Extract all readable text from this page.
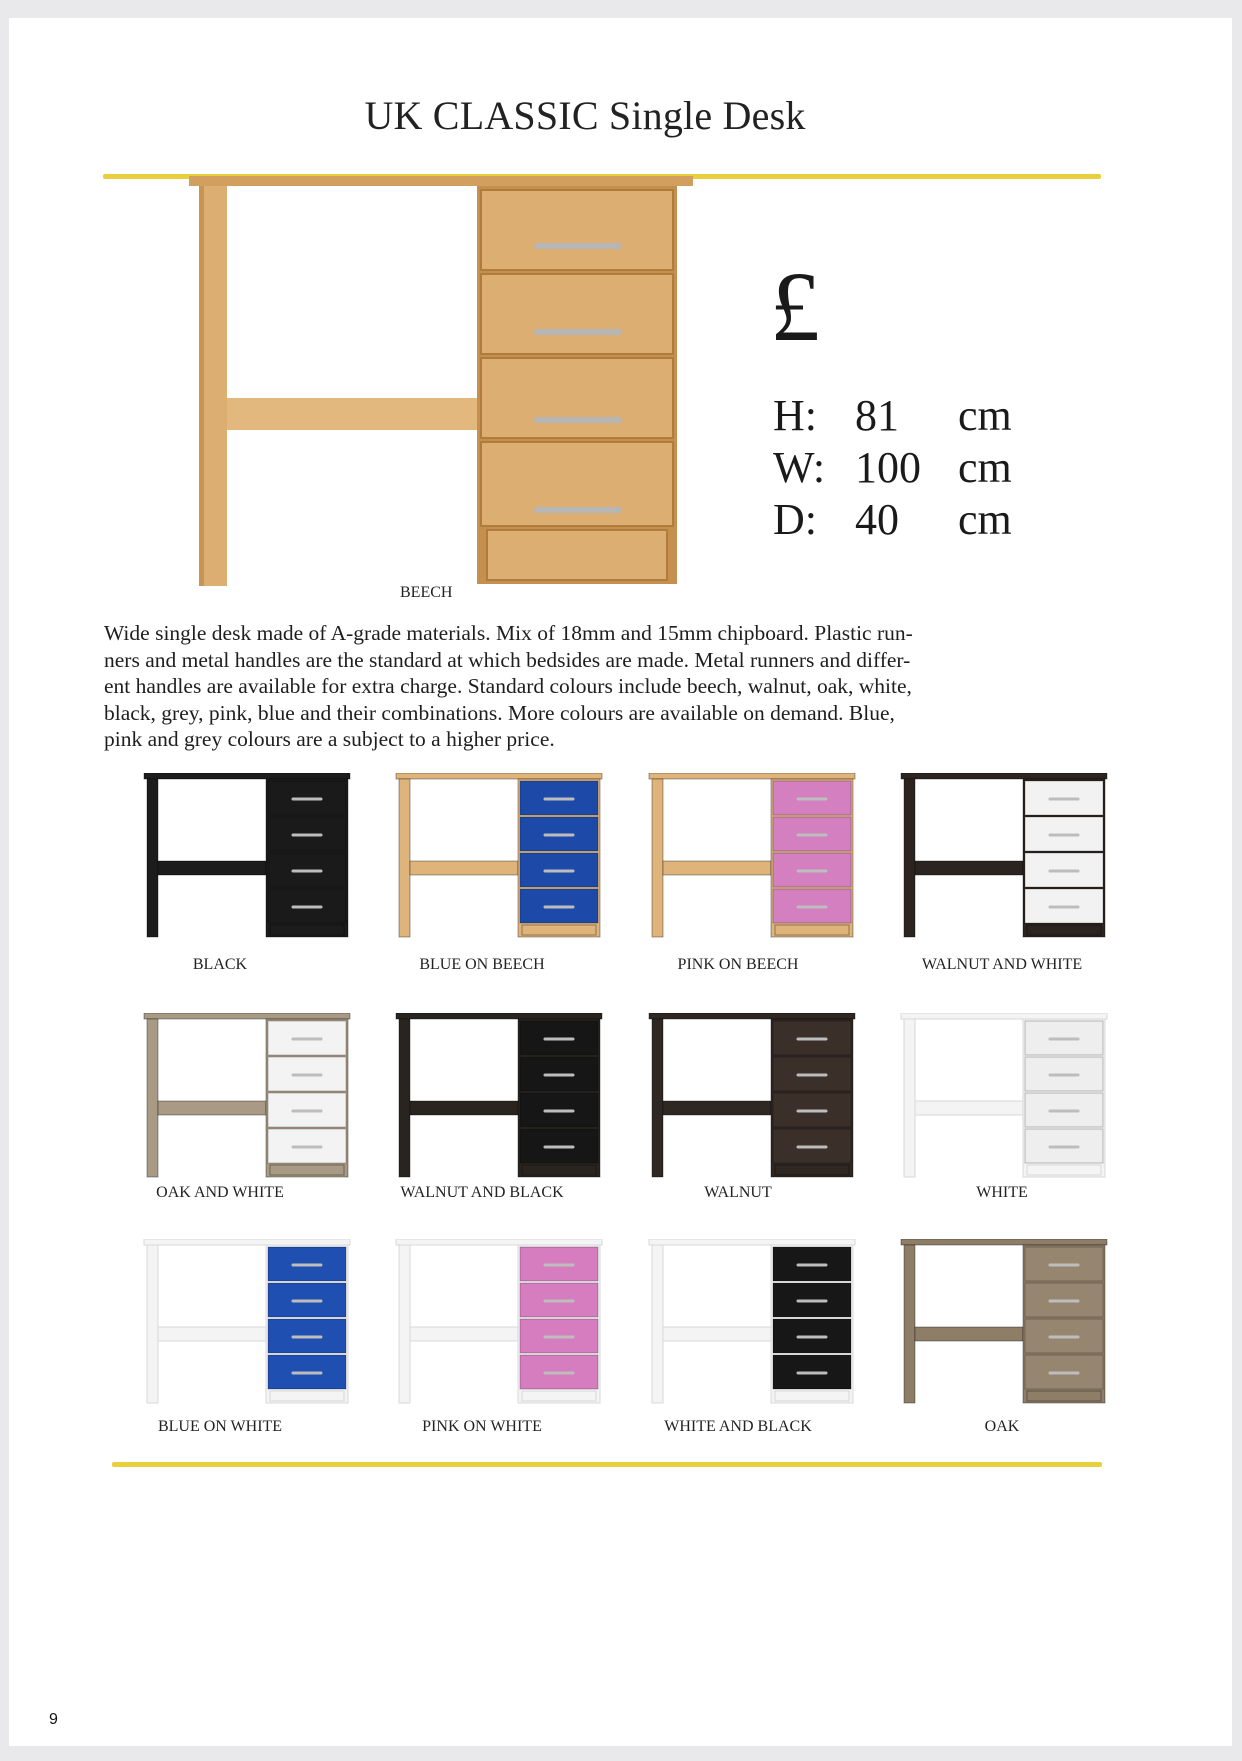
UK CLASSIC Single Desk
BEECH
£
H: 81 cm
W: 100 cm
D: 40 cm

Wide single desk made of A-grade materials. Mix of 18mm and 15mm chipboard. Plastic run-

ners and metal handles are the standard at which bedsides are made. Metal runners and differ-

ent handles are available for extra charge. Standard colours include beech, walnut, oak, white,

black, grey, pink, blue and their combinations. More colours are available on demand. Blue,

pink and grey colours are a subject to a higher price.

BLACK	BLUE ON BEECH	PINK ON BEECH	WALNUT AND WHITE
OAK AND WHITE	WALNUT AND BLACK	WALNUT	WHITE
BLUE ON WHITE	PINK ON WHITE	WHITE AND BLACK	OAK
9
